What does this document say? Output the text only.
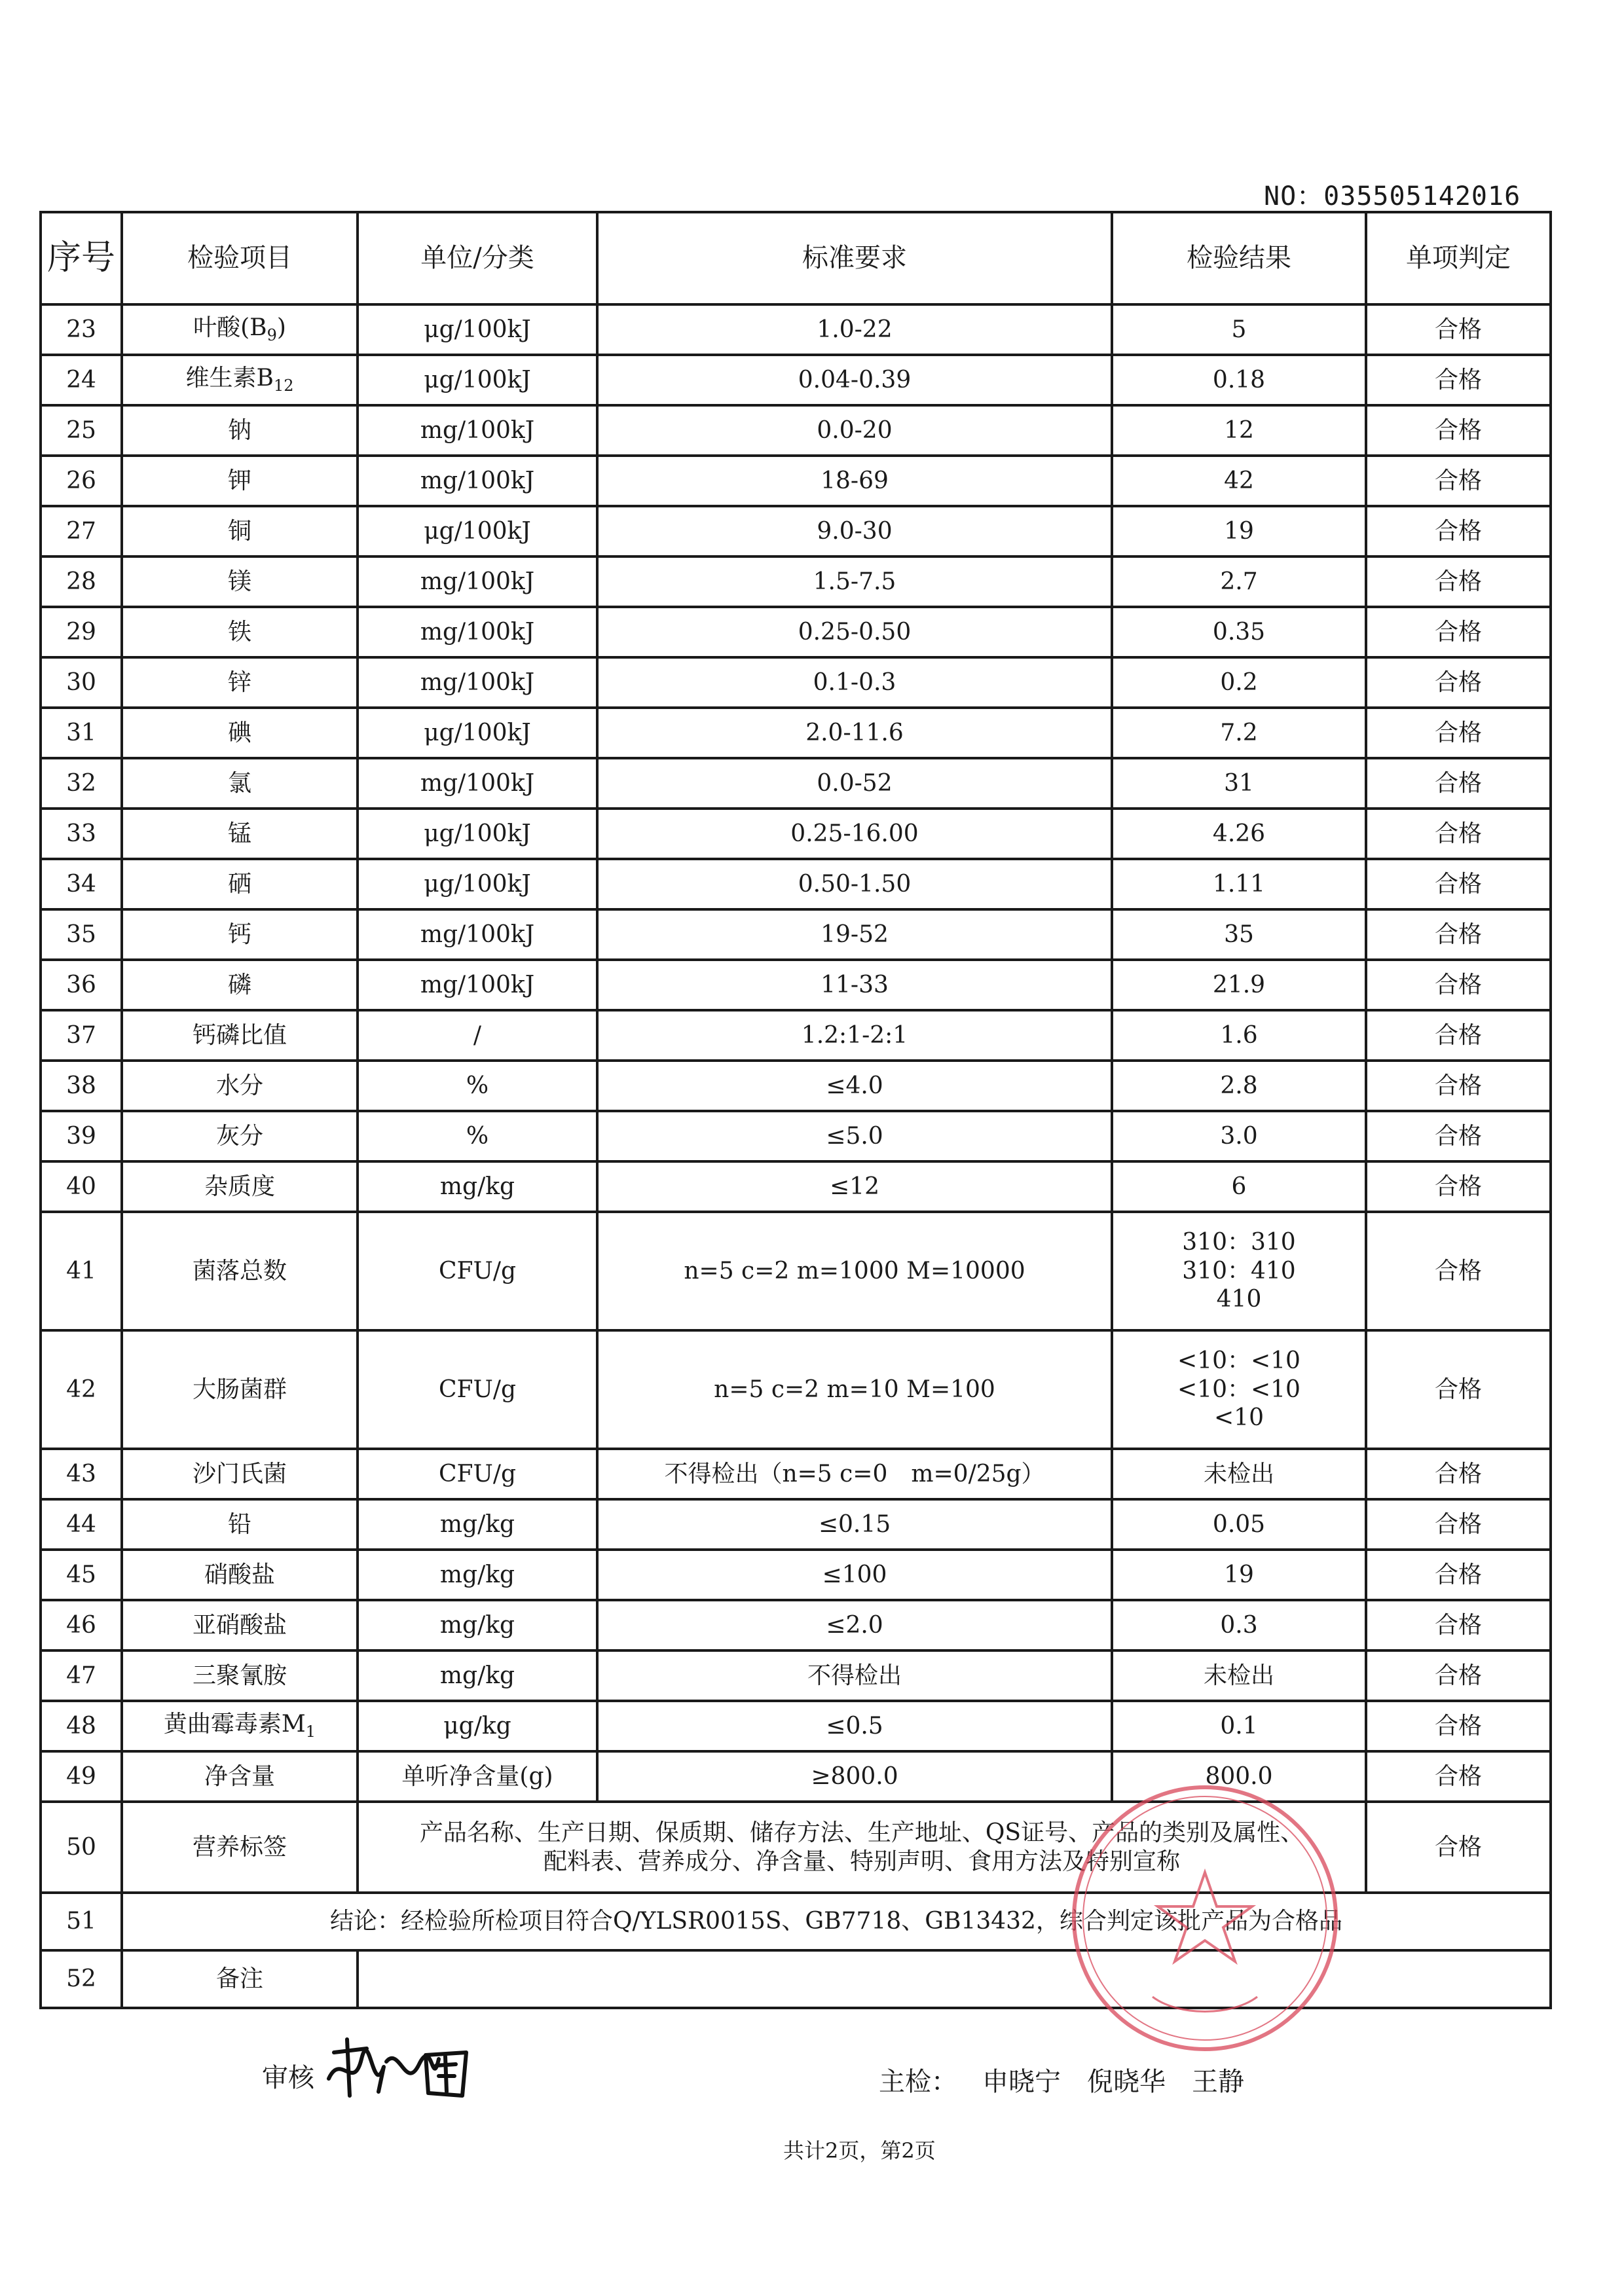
NO：035505142016
序号	检验项目	单位/分类	标准要求	检验结果	单项判定
23	叶酸$(B_9)$	μg/100kJ	1.0-22	5	合格
24	维生素$B_{12}$	μg/100kJ	0.04-0.39	0.18	合格
25	钠	mg/100kJ	0.0-20	12	合格
26	钾	mg/100kJ	18-69	42	合格
27	铜	μg/100kJ	9.0-30	19	合格
28	镁	mg/100kJ	1.5-7.5	2.7	合格
29	铁	mg/100kJ	0.25-0.50	0.35	合格
30	锌	mg/100kJ	0.1-0.3	0.2	合格
31	碘	μg/100kJ	2.0-11.6	7.2	合格
32	氯	mg/100kJ	0.0-52	31	合格
33	锰	μg/100kJ	0.25-16.00	4.26	合格
34	硒	μg/100kJ	0.50-1.50	1.11	合格
35	钙	mg/100kJ	19-52	35	合格
36	磷	mg/100kJ	11-33	21.9	合格
37	钙磷比值	/	1.2:1-2:1	1.6	合格
38	水分	%	≤4.0	2.8	合格
39	灰分	%	≤5.0	3.0	合格
40	杂质度	mg/kg	≤12	6	合格
41	菌落总数	CFU/g	n=5 c=2 m=1000 M=10000	310：310
310：410
410	合格
42	大肠菌群	CFU/g	n=5 c=2 m=10 M=100	<10：<10
<10：<10
<10	合格
43	沙门氏菌	CFU/g	不得检出（n=5 c=0　m=0/25g）	未检出	合格
44	铅	mg/kg	≤0.15	0.05	合格
45	硝酸盐	mg/kg	≤100	19	合格
46	亚硝酸盐	mg/kg	≤2.0	0.3	合格
47	三聚氰胺	mg/kg	不得检出	未检出	合格
48	黄曲霉毒素$M_1$	μg/kg	≤0.5	0.1	合格
49	净含量	单听净含量(g)	≥800.0	800.0	合格
50	营养标签	产品名称、生产日期、保质期、储存方法、生产地址、QS证号、产品的类别及属性、
配料表、营养成分、净含量、特别声明、食用方法及特别宣称			合格
51	结论：经检验所检项目符合Q/YLSR0015S、GB7718、GB13432，综合判定该批产品为合格品				
52	备注				
审核	主检： 申晓宁　倪晓华　王静
共计2页，第2页
